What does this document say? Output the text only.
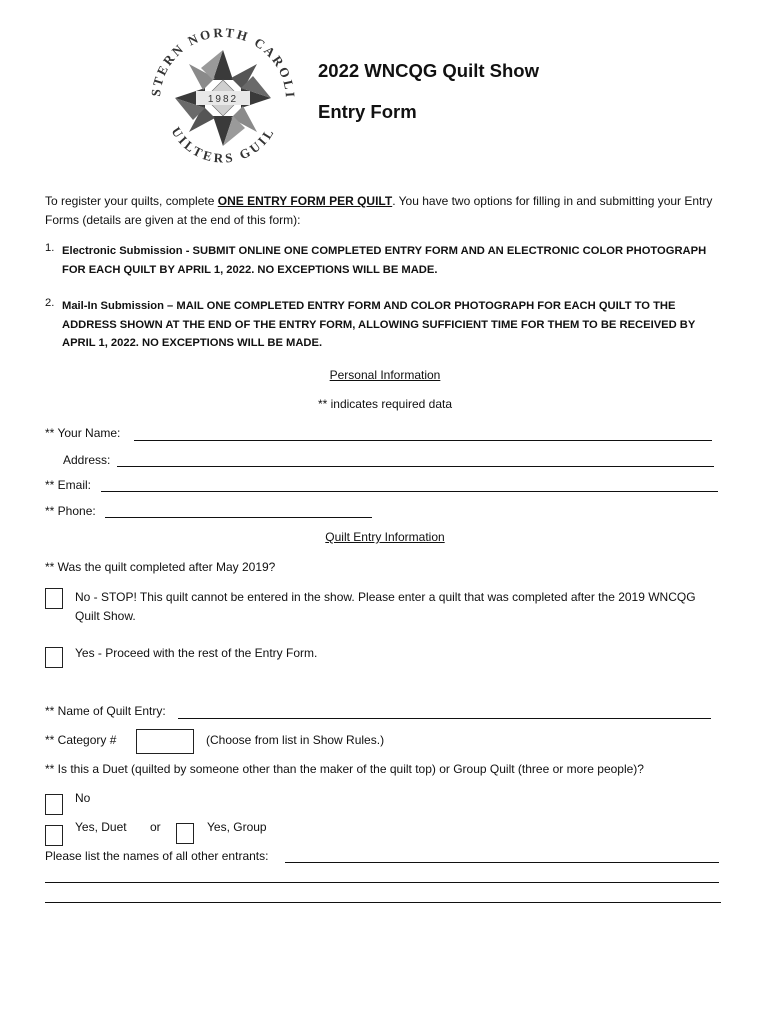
STERN NORTH CAROLI
UILTERS GUIL
1982
2022 WNCQG Quilt Show
Entry Form

To register your quilts, complete ONE ENTRY FORM PER QUILT. You have two options for filling in and submitting your Entry Forms (details are given at the end of this form):

1. Electronic Submission - SUBMIT ONLINE ONE COMPLETED ENTRY FORM AND AN ELECTRONIC COLOR PHOTOGRAPH FOR EACH QUILT BY APRIL 1, 2022. NO EXCEPTIONS WILL BE MADE.
2. Mail-In Submission – MAIL ONE COMPLETED ENTRY FORM AND COLOR PHOTOGRAPH FOR EACH QUILT TO THE ADDRESS SHOWN AT THE END OF THE ENTRY FORM, ALLOWING SUFFICIENT TIME FOR THEM TO BE RECEIVED BY APRIL 1, 2022. NO EXCEPTIONS WILL BE MADE.
Personal Information
** indicates required data
** Your Name:
Address:
** Email:
** Phone:
Quilt Entry Information
** Was the quilt completed after May 2019?

No - STOP! This quilt cannot be entered in the show. Please enter a quilt that was completed after the 2019 WNCQG Quilt Show.

Yes - Proceed with the rest of the Entry Form.
** Name of Quilt Entry:
** Category #	(Choose from list in Show Rules.)
** Is this a Duet (quilted by someone other than the maker of the quilt top) or Group Quilt (three or more people)?
No
Yes, Duet or	Yes, Group
Please list the names of all other entrants:
